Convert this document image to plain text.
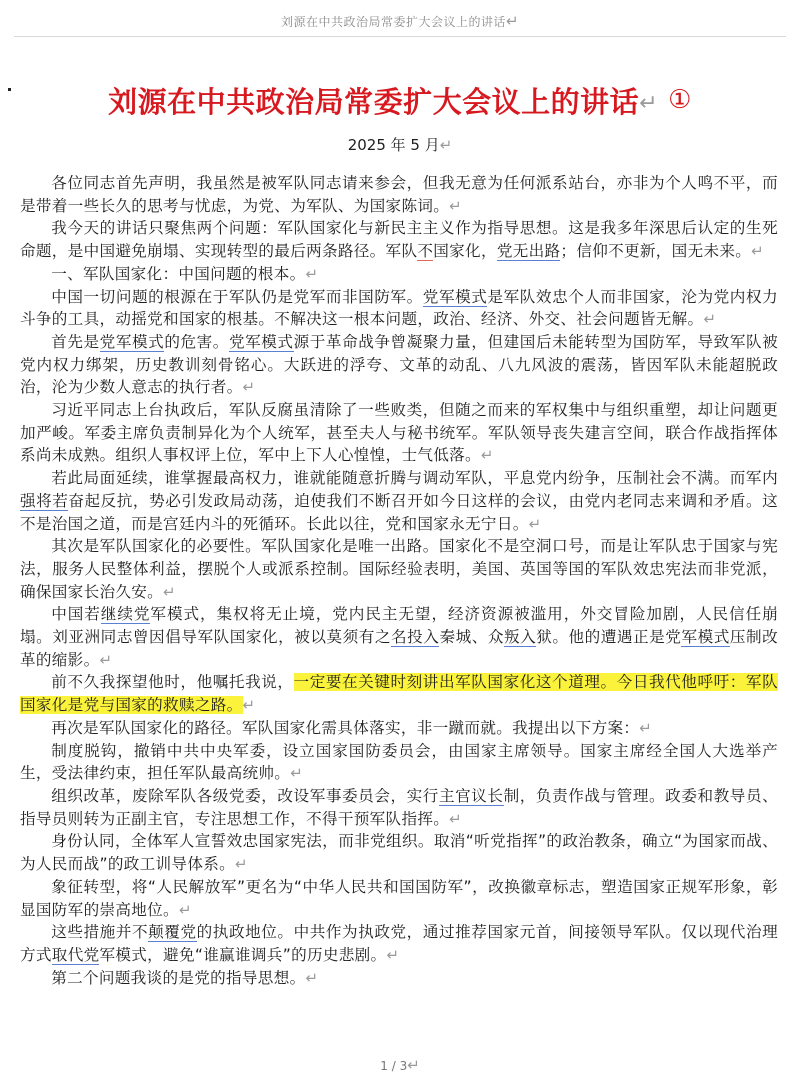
刘源在中共政治局常委扩大会议上的讲话↵
刘源在中共政治局常委扩大会议上的讲话↵ ①
2025 年 5 月↵

各位同志首先声明，我虽然是被军队同志请来参会，但我无意为任何派系站台，亦非为个人鸣不平，而是带着一些长久的思考与忧虑，为党、为军队、为国家陈词。↵

我今天的讲话只聚焦两个问题：军队国家化与新民主主义作为指导思想。这是我多年深思后认定的生死命题，是中国避免崩塌、实现转型的最后两条路径。军队不国家化，党无出路；信仰不更新，国无未来。↵

一、军队国家化：中国问题的根本。↵

中国一切问题的根源在于军队仍是党军而非国防军。党军模式是军队效忠个人而非国家，沦为党内权力斗争的工具，动摇党和国家的根基。不解决这一根本问题，政治、经济、外交、社会问题皆无解。↵

首先是党军模式的危害。党军模式源于革命战争曾凝聚力量，但建国后未能转型为国防军，导致军队被党内权力绑架，历史教训刻骨铭心。大跃进的浮夸、文革的动乱、八九风波的震荡，皆因军队未能超脱政治，沦为少数人意志的执行者。↵

习近平同志上台执政后，军队反腐虽清除了一些败类，但随之而来的军权集中与组织重塑，却让问题更加严峻。军委主席负责制异化为个人统军，甚至夫人与秘书统军。军队领导丧失建言空间，联合作战指挥体系尚未成熟。组织人事权评上位，军中上下人心惶惶，士气低落。↵

若此局面延续，谁掌握最高权力，谁就能随意折腾与调动军队，平息党内纷争，压制社会不满。而军内强将若奋起反抗，势必引发政局动荡，迫使我们不断召开如今日这样的会议，由党内老同志来调和矛盾。这不是治国之道，而是宫廷内斗的死循环。长此以往，党和国家永无宁日。↵

其次是军队国家化的必要性。军队国家化是唯一出路。国家化不是空洞口号，而是让军队忠于国家与宪法，服务人民整体利益，摆脱个人或派系控制。国际经验表明，美国、英国等国的军队效忠宪法而非党派，确保国家长治久安。↵

中国若继续党军模式，集权将无止境，党内民主无望，经济资源被滥用，外交冒险加剧，人民信任崩塌。刘亚洲同志曾因倡导军队国家化，被以莫须有之名投入秦城、众叛入狱。他的遭遇正是党军模式压制改革的缩影。↵

前不久我探望他时，他嘱托我说，一定要在关键时刻讲出军队国家化这个道理。今日我代他呼吁：军队国家化是党与国家的救赎之路。↵

再次是军队国家化的路径。军队国家化需具体落实，非一蹴而就。我提出以下方案：↵

制度脱钩，撤销中共中央军委，设立国家国防委员会，由国家主席领导。国家主席经全国人大选举产生，受法律约束，担任军队最高统帅。↵

组织改革，废除军队各级党委，改设军事委员会，实行主官议长制，负责作战与管理。政委和教导员、指导员则转为正副主官，专注思想工作，不得干预军队指挥。↵

身份认同，全体军人宣誓效忠国家宪法，而非党组织。取消“听党指挥”的政治教条，确立“为国家而战、为人民而战”的政工训导体系。↵

象征转型，将“人民解放军”更名为“中华人民共和国国防军”，改换徽章标志，塑造国家正规军形象，彰显国防军的崇高地位。↵

这些措施并不颠覆党的执政地位。中共作为执政党，通过推荐国家元首，间接领导军队。仅以现代治理方式取代党军模式，避免“谁赢谁调兵”的历史悲剧。↵

第二个问题我谈的是党的指导思想。↵

1 / 3↵
